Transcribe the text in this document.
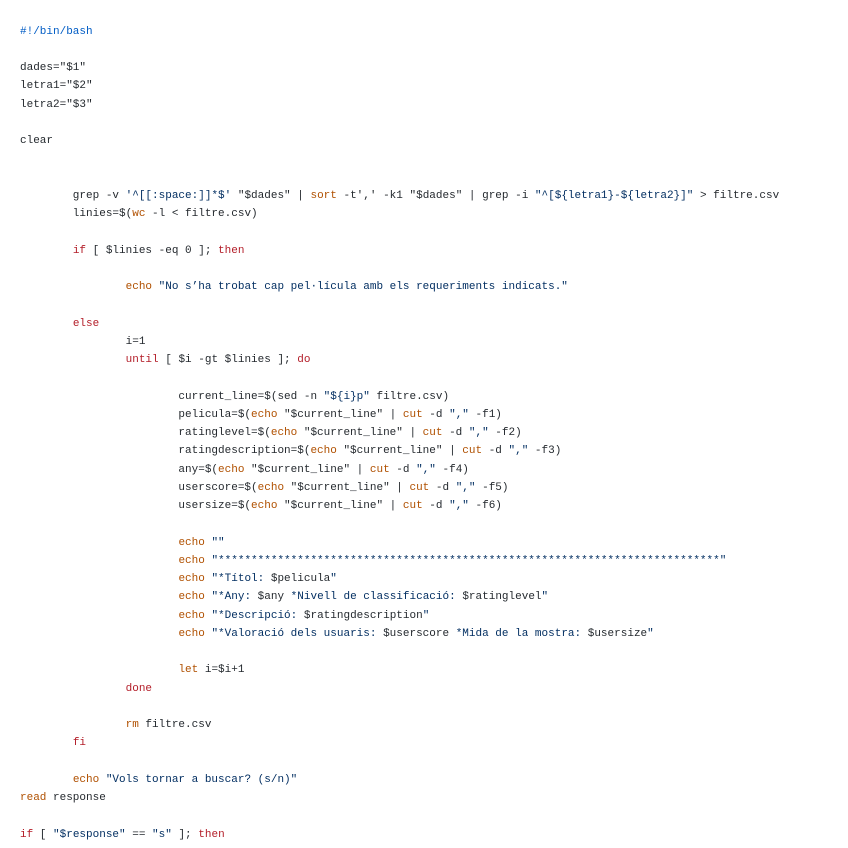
#!/bin/bash
dades="$1"
letra1="$2"
letra2="$3"
clear
grep -v '^[[:space:]]*$' "$dades" | sort -t',' -k1 "$dades" | grep -i "^[${letra1}-${letra2}]" > filtre.csv
linies=$(wc -l < filtre.csv)
if [ $linies -eq 0 ]; then
echo "No s’ha trobat cap pel·lícula amb els requeriments indicats."
else
i=1
until [ $i -gt $linies ]; do
current_line=$(sed -n "${i}p" filtre.csv)
pelicula=$(echo "$current_line" | cut -d "," -f1)
ratinglevel=$(echo "$current_line" | cut -d "," -f2)
ratingdescription=$(echo "$current_line" | cut -d "," -f3)
any=$(echo "$current_line" | cut -d "," -f4)
userscore=$(echo "$current_line" | cut -d "," -f5)
usersize=$(echo "$current_line" | cut -d "," -f6)
echo ""
echo "****************************************************************************"
echo "*Títol: $pelicula"
echo "*Any: $any *Nivell de classificació: $ratinglevel"
echo "*Descripció: $ratingdescription"
echo "*Valoració dels usuaris: $userscore *Mida de la mostra: $usersize"
let i=$i+1
done
rm filtre.csv
fi
echo "Vols tornar a buscar? (s/n)"
read response
if [ "$response" == "s" ]; then
